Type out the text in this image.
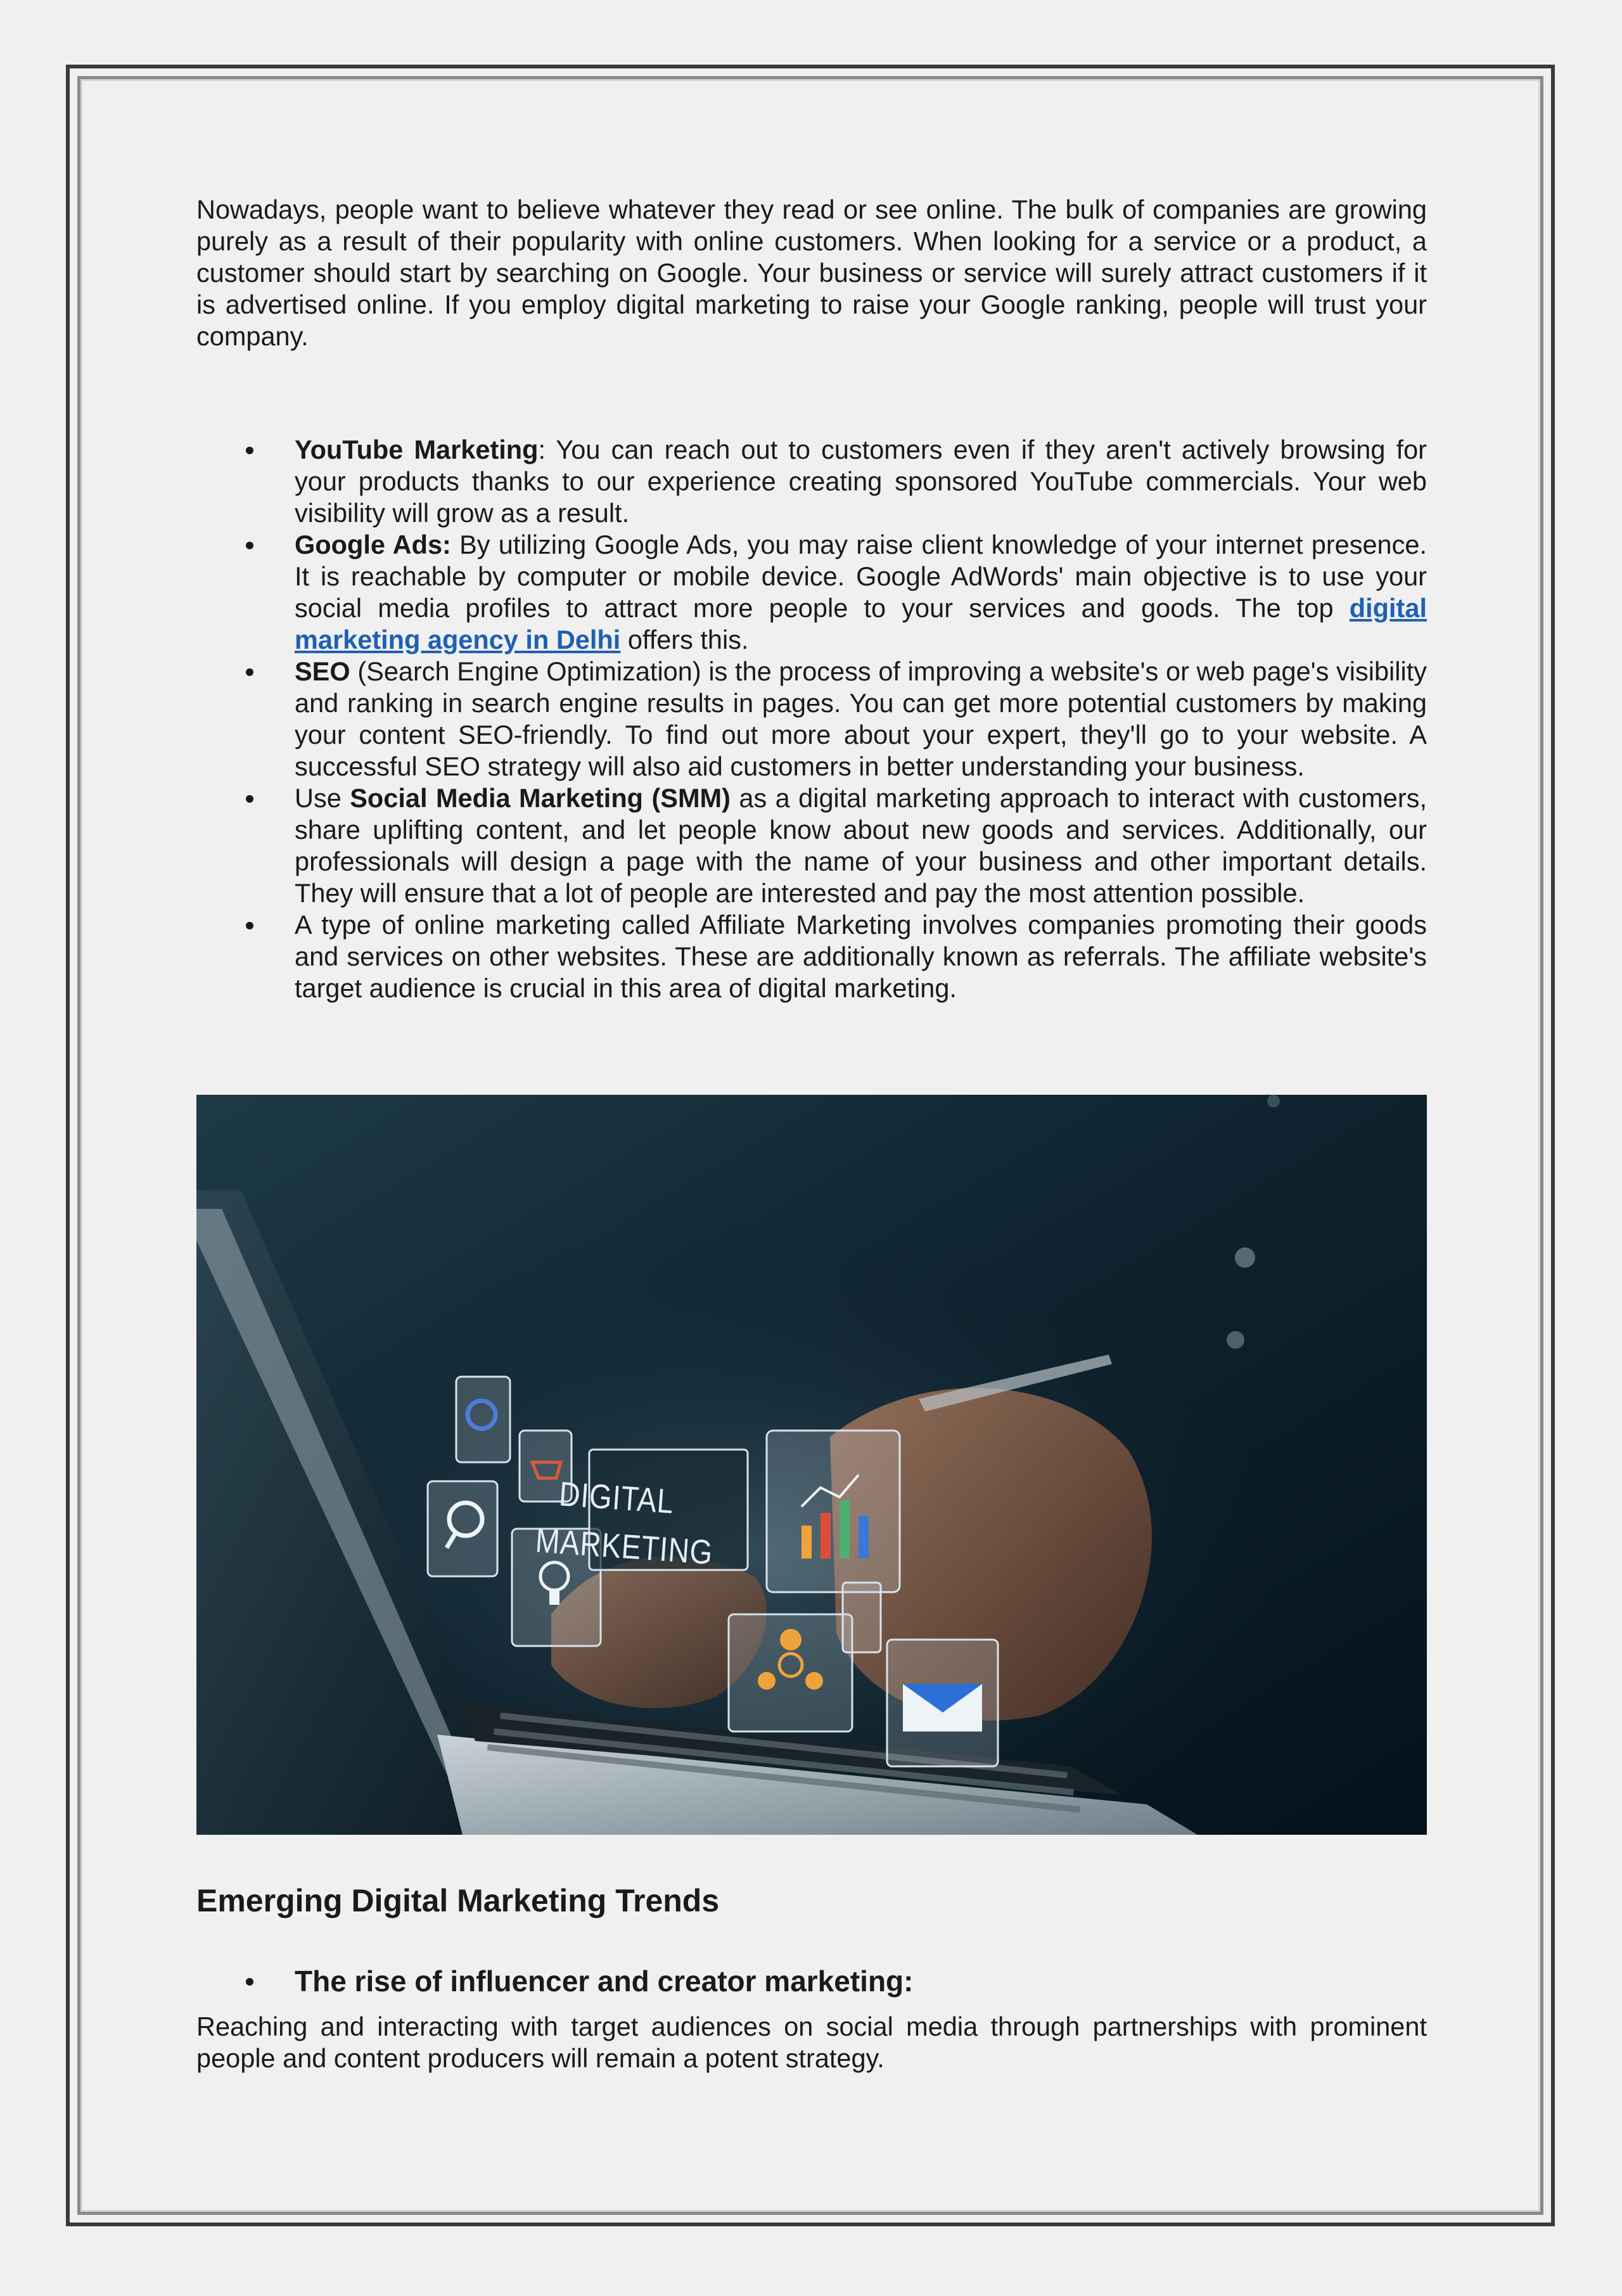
Nowadays, people want to believe whatever they read or see online. The bulk of companies are growing purely as a result of their popularity with online customers. When looking for a service or a product, a customer should start by searching on Google. Your business or service will surely attract customers if it is advertised online. If you employ digital marketing to raise your Google ranking, people will trust your company.

YouTube Marketing: You can reach out to customers even if they aren't actively browsing for your products thanks to our experience creating sponsored YouTube commercials. Your web visibility will grow as a result.
Google Ads: By utilizing Google Ads, you may raise client knowledge of your internet presence. It is reachable by computer or mobile device. Google AdWords' main objective is to use your social media profiles to attract more people to your services and goods. The top digital marketing agency in Delhi offers this.
SEO (Search Engine Optimization) is the process of improving a website's or web page's visibility and ranking in search engine results in pages. You can get more potential customers by making your content SEO-friendly. To find out more about your expert, they'll go to your website. A successful SEO strategy will also aid customers in better understanding your business.
Use Social Media Marketing (SMM) as a digital marketing approach to interact with customers, share uplifting content, and let people know about new goods and services. Additionally, our professionals will design a page with the name of your business and other important details. They will ensure that a lot of people are interested and pay the most attention possible.
A type of online marketing called Affiliate Marketing involves companies promoting their goods and services on other websites. These are additionally known as referrals. The affiliate website's target audience is crucial in this area of digital marketing.
DIGITAL
MARKETING
Emerging Digital Marketing Trends
The rise of influencer and creator marketing:

Reaching and interacting with target audiences on social media through partnerships with prominent people and content producers will remain a potent strategy.
